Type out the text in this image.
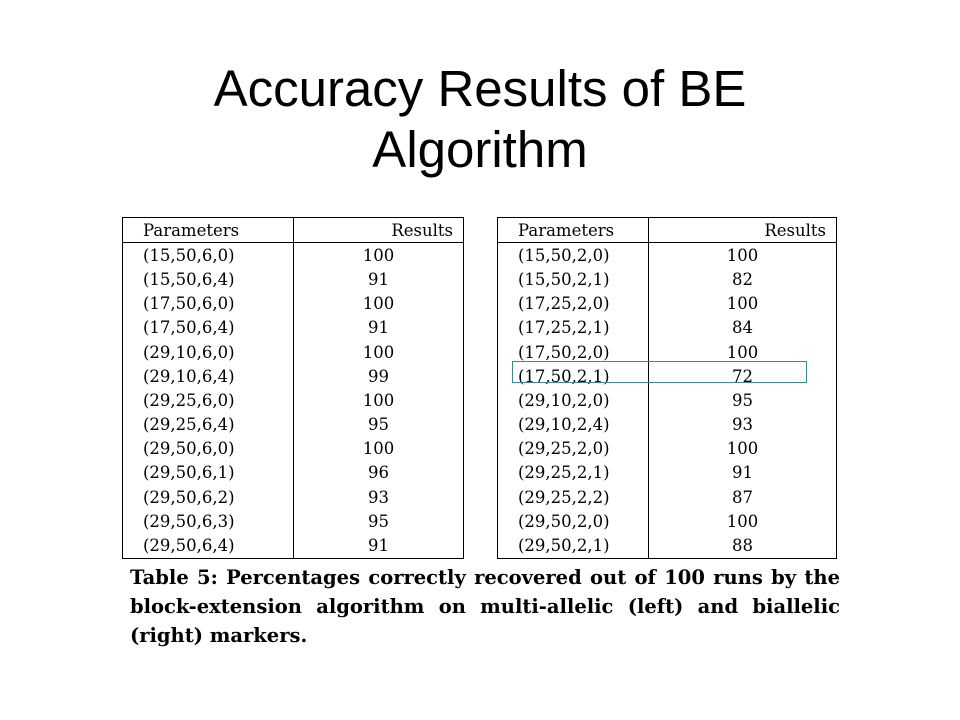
Accuracy Results of BE
Algorithm
Parameters	Results
(15,50,6,0)	100
(15,50,6,4)	91
(17,50,6,0)	100
(17,50,6,4)	91
(29,10,6,0)	100
(29,10,6,4)	99
(29,25,6,0)	100
(29,25,6,4)	95
(29,50,6,0)	100
(29,50,6,1)	96
(29,50,6,2)	93
(29,50,6,3)	95
(29,50,6,4)	91
Parameters	Results
(15,50,2,0)	100
(15,50,2,1)	82
(17,25,2,0)	100
(17,25,2,1)	84
(17,50,2,0)	100
(17,50,2,1)	72
(29,10,2,0)	95
(29,10,2,4)	93
(29,25,2,0)	100
(29,25,2,1)	91
(29,25,2,2)	87
(29,50,2,0)	100
(29,50,2,1)	88
Table 5: Percentages correctly recovered out of 100 runs by the block-extension algorithm on multi-allelic (left) and biallelic (right) markers.
